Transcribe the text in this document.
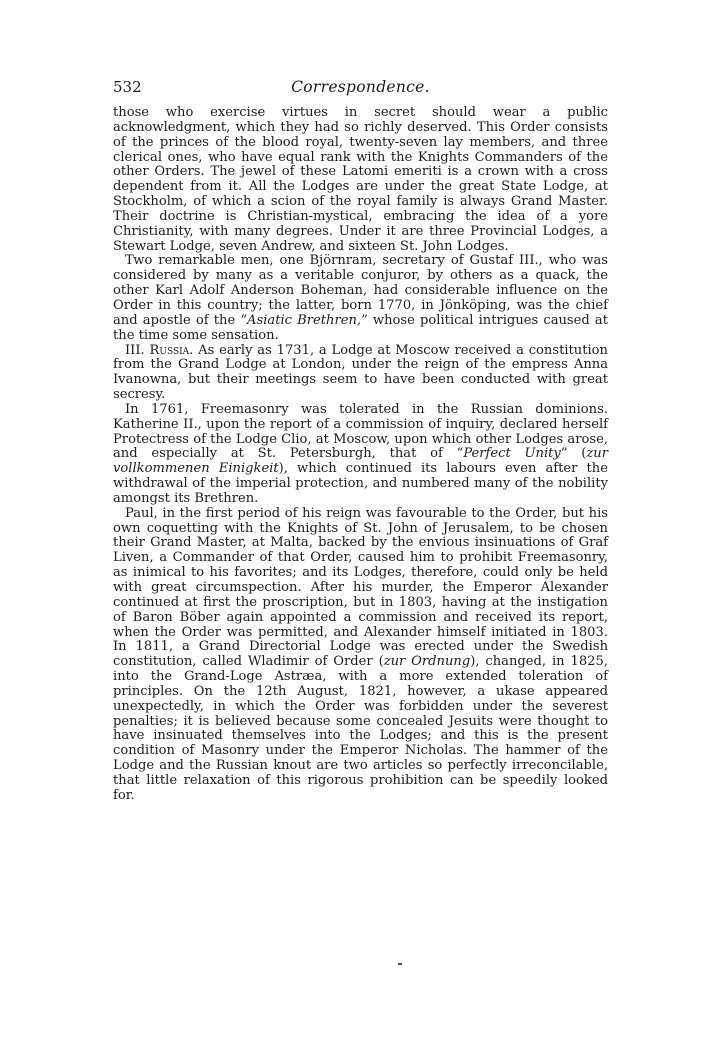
532	Correspondence.

those who exercise virtues in secret should wear a public acknowledgment, which they had so richly deserved. This Order consists of the princes of the blood royal, twenty-seven lay members, and three clerical ones, who have equal rank with the Knights Commanders of the other Orders. The jewel of these Latomi emeriti is a crown with a cross dependent from it. All the Lodges are under the great State Lodge, at Stockholm, of which a scion of the royal family is always Grand Master. Their doctrine is Christian-mystical, embracing the idea of a yore Christianity, with many degrees. Under it are three Provincial Lodges, a Stewart Lodge, seven Andrew, and sixteen St. John Lodges.

Two remarkable men, one Björnram, secretary of Gustaf III., who was considered by many as a veritable conjuror, by others as a quack, the other Karl Adolf Anderson Boheman, had considerable influence on the Order in this country; the latter, born 1770, in Jönköping, was the chief and apostle of the “Asiatic Brethren,” whose political intrigues caused at the time some sensation.

III. Russia. As early as 1731, a Lodge at Moscow received a constitution from the Grand Lodge at London, under the reign of the empress Anna Ivanowna, but their meetings seem to have been conducted with great secresy.

In 1761, Freemasonry was tolerated in the Russian dominions. Katherine II., upon the report of a commission of inquiry, declared herself Protectress of the Lodge Clio, at Moscow, upon which other Lodges arose, and especially at St. Petersburgh, that of “Perfect Unity” (zur vollkommenen Einigkeit), which continued its labours even after the withdrawal of the imperial protection, and numbered many of the nobility amongst its Brethren.

Paul, in the first period of his reign was favourable to the Order, but his own coquetting with the Knights of St. John of Jerusalem, to be chosen their Grand Master, at Malta, backed by the envious insinuations of Graf Liven, a Commander of that Order, caused him to prohibit Freemasonry, as inimical to his favorites; and its Lodges, therefore, could only be held with great circumspection. After his murder, the Emperor Alexander continued at first the proscription, but in 1803, having at the instigation of Baron Böber again appointed a commission and received its report, when the Order was permitted, and Alexander himself initiated in 1803. In 1811, a Grand Directorial Lodge was erected under the Swedish constitution, called Wladimir of Order (zur Ordnung), changed, in 1825, into the Grand-Loge Astræa, with a more extended toleration of principles. On the 12th August, 1821, however, a ukase appeared unexpectedly, in which the Order was forbidden under the severest penalties; it is believed because some concealed Jesuits were thought to have insinuated themselves into the Lodges; and this is the present condition of Masonry under the Emperor Nicholas. The hammer of the Lodge and the Russian knout are two articles so perfectly irreconcilable, that little relaxation of this rigorous prohibition can be speedily looked for.
